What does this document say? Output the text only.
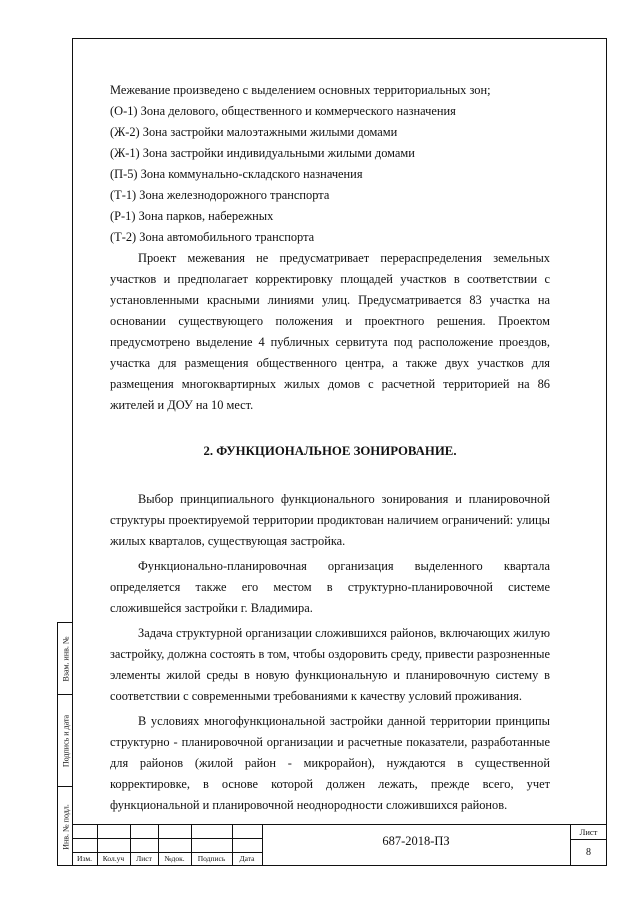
Межевание произведено с выделением основных территориальных зон;

(О-1) Зона делового, общественного и коммерческого назначения

(Ж-2) Зона застройки малоэтажными жилыми домами

(Ж-1) Зона застройки индивидуальными жилыми домами

(П-5) Зона коммунально-складского назначения

(Т-1) Зона железнодорожного транспорта

(Р-1) Зона парков, набережных

(Т-2) Зона автомобильного транспорта

Проект межевания не предусматривает перераспределения земельных участков и предполагает корректировку площадей участков в соответствии с установленными красными линиями улиц. Предусматривается 83 участка на основании существующего положения и проектного решения. Проектом предусмотрено выделение 4 публичных сервитута под расположение проездов, участка для размещения общественного центра, а также двух участков для размещения многоквартирных жилых домов с расчетной территорией на 86 жителей и ДОУ на 10 мест.

2. ФУНКЦИОНАЛЬНОЕ ЗОНИРОВАНИЕ.

Выбор принципиального функционального зонирования и планировочной структуры проектируемой территории продиктован наличием ограничений: улицы жилых кварталов, существующая застройка.

Функционально-планировочная организация выделенного квартала определяется также его местом в структурно-планировочной системе сложившейся застройки г. Владимира.

Задача структурной организации сложившихся районов, включающих жилую застройку, должна состоять в том, чтобы оздоровить среду, привести разрозненные элементы жилой среды в новую функциональную и планировочную систему в соответствии с современными требованиями к качеству условий проживания.

В условиях многофункциональной застройки данной территории принципы структурно - планировочной организации и расчетные показатели, разработанные для районов (жилой район - микрорайон), нуждаются в существенной корректировке, в основе которой должен лежать, прежде всего, учет функциональной и планировочной неоднородности сложившихся районов.

Взам. инв. №
Подпись и дата
Инв. № подл.
Изм.	Кол.уч	Лист	№док.	Подпись	Дата
687-2018-ПЗ
Лист
8
